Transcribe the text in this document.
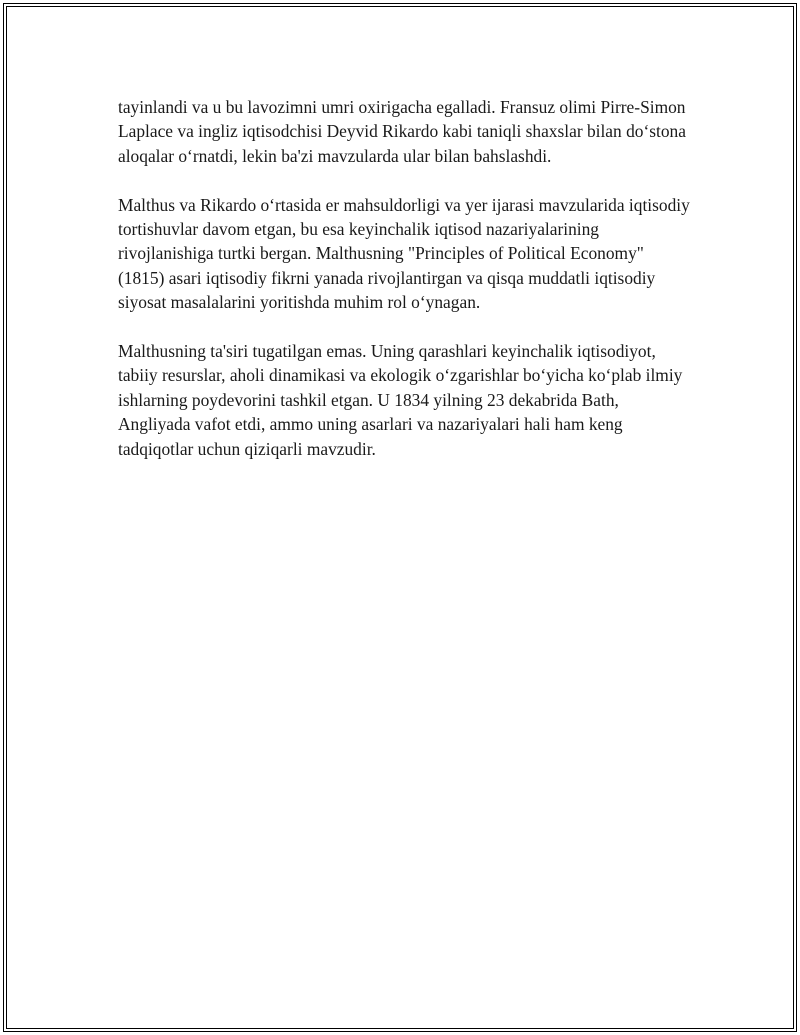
tayinlandi va u bu lavozimni umri oxirigacha egalladi. Fransuz olimi Pirre-Simon Laplace va ingliz iqtisodchisi Deyvid Rikardo kabi taniqli shaxslar bilan do‘stona aloqalar o‘rnatdi, lekin ba'zi mavzularda ular bilan bahslashdi.

Malthus va Rikardo o‘rtasida er mahsuldorligi va yer ijarasi mavzularida iqtisodiy tortishuvlar davom etgan, bu esa keyinchalik iqtisod nazariyalarining rivojlanishiga turtki bergan. Malthusning "Principles of Political Economy" (1815) asari iqtisodiy fikrni yanada rivojlantirgan va qisqa muddatli iqtisodiy siyosat masalalarini yoritishda muhim rol o‘ynagan.

Malthusning ta'siri tugatilgan emas. Uning qarashlari keyinchalik iqtisodiyot, tabiiy resurslar, aholi dinamikasi va ekologik o‘zgarishlar bo‘yicha ko‘plab ilmiy ishlarning poydevorini tashkil etgan. U 1834 yilning 23 dekabrida Bath, Angliyada vafot etdi, ammo uning asarlari va nazariyalari hali ham keng tadqiqotlar uchun qiziqarli mavzudir.
